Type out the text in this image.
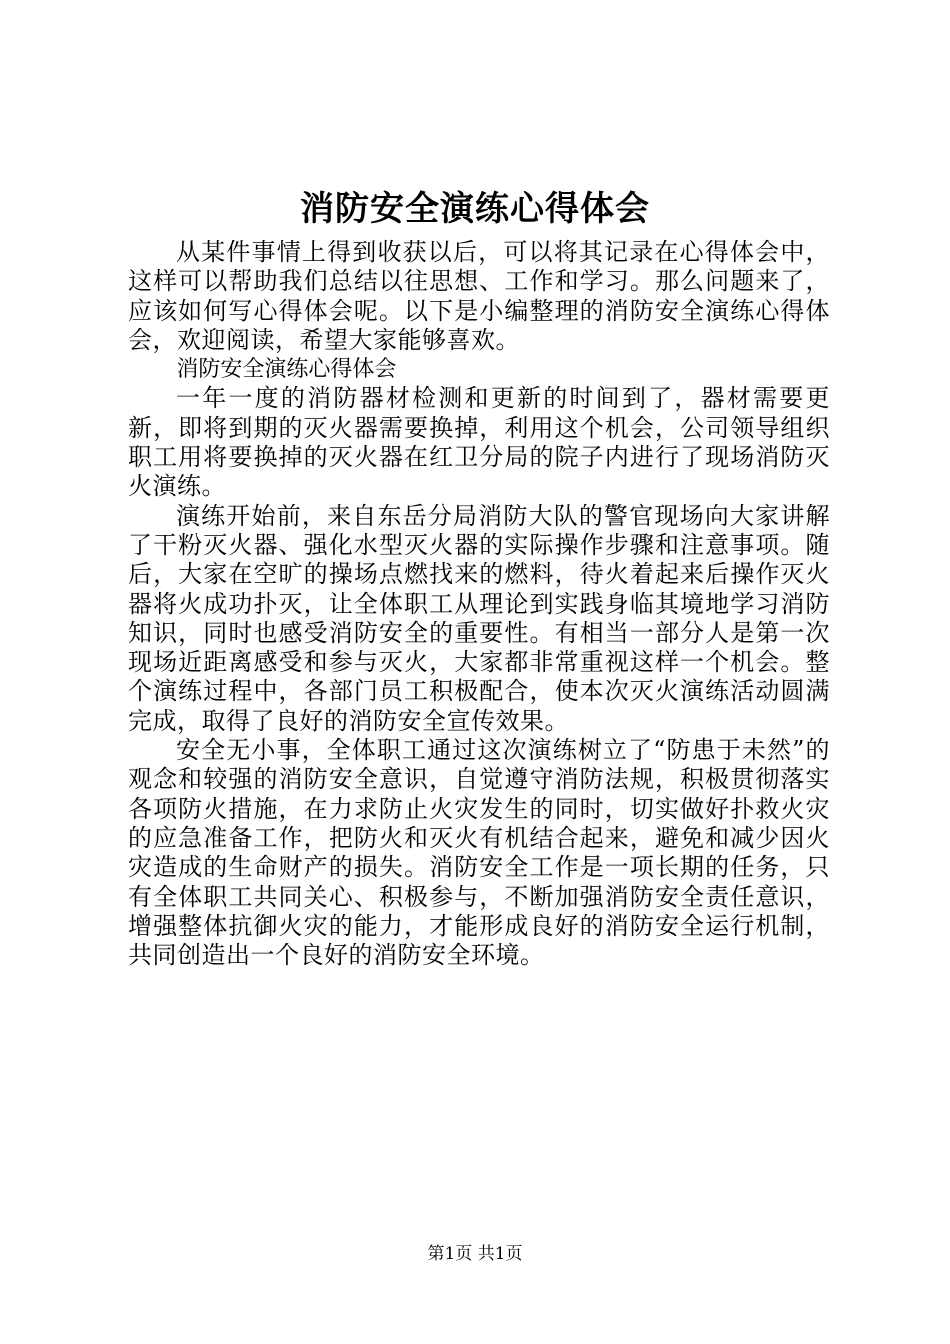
消防安全演练心得体会

从某件事情上得到收获以后，可以将其记录在心得体会中，这样可以帮助我们总结以往思想、工作和学习。那么问题来了，应该如何写心得体会呢。以下是小编整理的消防安全演练心得体会，欢迎阅读，希望大家能够喜欢。

消防安全演练心得体会

一年一度的消防器材检测和更新的时间到了，器材需要更新，即将到期的灭火器需要换掉，利用这个机会，公司领导组织职工用将要换掉的灭火器在红卫分局的院子内进行了现场消防灭火演练。

演练开始前，来自东岳分局消防大队的警官现场向大家讲解了干粉灭火器、强化水型灭火器的实际操作步骤和注意事项。随后，大家在空旷的操场点燃找来的燃料，待火着起来后操作灭火器将火成功扑灭，让全体职工从理论到实践身临其境地学习消防知识，同时也感受消防安全的重要性。有相当一部分人是第一次现场近距离感受和参与灭火，大家都非常重视这样一个机会。整个演练过程中，各部门员工积极配合，使本次灭火演练活动圆满完成，取得了良好的消防安全宣传效果。

安全无小事，全体职工通过这次演练树立了“防患于未然”的观念和较强的消防安全意识，自觉遵守消防法规，积极贯彻落实各项防火措施，在力求防止火灾发生的同时，切实做好扑救火灾的应急准备工作，把防火和灭火有机结合起来，避免和减少因火灾造成的生命财产的损失。消防安全工作是一项长期的任务，只有全体职工共同关心、积极参与，不断加强消防安全责任意识，增强整体抗御火灾的能力，才能形成良好的消防安全运行机制，共同创造出一个良好的消防安全环境。

第1页 共1页
